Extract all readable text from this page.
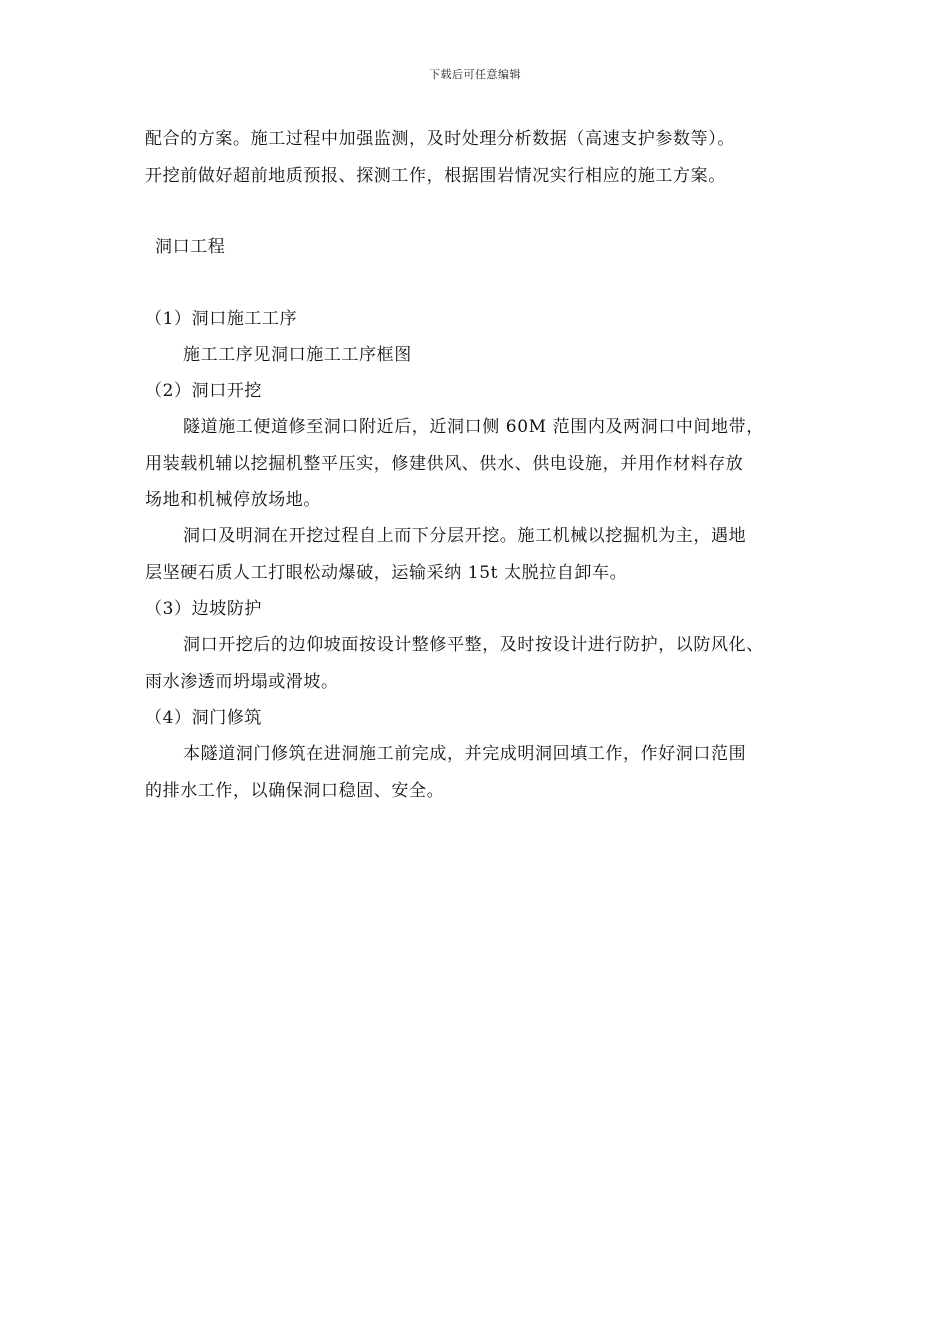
下载后可任意编辑
配合的方案。施工过程中加强监测，及时处理分析数据（高速支护参数等）。
开挖前做好超前地质预报、探测工作，根据围岩情况实行相应的施工方案。
洞口工程
（1）洞口施工工序
施工工序见洞口施工工序框图
（2）洞口开挖
隧道施工便道修至洞口附近后，近洞口侧 60M 范围内及两洞口中间地带，
用装载机辅以挖掘机整平压实，修建供风、供水、供电设施，并用作材料存放
场地和机械停放场地。
洞口及明洞在开挖过程自上而下分层开挖。施工机械以挖掘机为主，遇地
层坚硬石质人工打眼松动爆破，运输采纳 15t 太脱拉自卸车。
（3）边坡防护
洞口开挖后的边仰坡面按设计整修平整，及时按设计进行防护，以防风化、
雨水渗透而坍塌或滑坡。
（4）洞门修筑
本隧道洞门修筑在进洞施工前完成，并完成明洞回填工作，作好洞口范围
的排水工作，以确保洞口稳固、安全。
